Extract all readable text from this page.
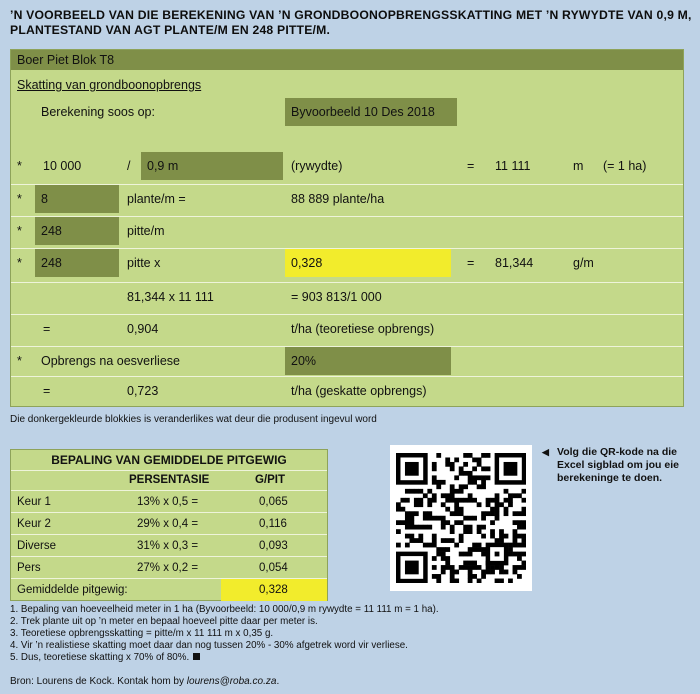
’N VOORBEELD VAN DIE BEREKENING VAN ’N GRONDBOONOPBRENGSSKATTING MET ’N RYWYDTE VAN 0,9 M,
PLANTESTAND VAN AGT PLANTE/M EN 248 PITTE/M.
Boer Piet Blok T8
Skatting van grondboonopbrengs
Berekening soos op:	Byvoorbeeld 10 Des 2018
* 10 000	/ 0,9 m	(rywydte)	= 11 111	m (= 1 ha)
* 8	plante/m =	88 889 plante/ha
* 248	pitte/m
* 248	pitte x	0,328	= 81,344	g/m
81,344 x 11 111	= 903 813/1 000
=	0,904	t/ha (teoretiese opbrengs)
* Opbrengs na oesverliese	20%
=	0,723	t/ha (geskatte opbrengs)
Die donkergekleurde blokkies is veranderlikes wat deur die produsent ingevul word
BEPALING VAN GEMIDDELDE PITGEWIG
PERSENTASIE	G/PIT
Keur 1	13% x 0,5 =	0,065
Keur 2	29% x 0,4 =	0,116
Diverse	31% x 0,3 =	0,093
Pers	27% x 0,2 =	0,054
Gemiddelde pitgewig:	0,328
◀ Volg die QR-kode na die Excel sigblad om jou eie berekeninge te doen.
1. Bepaling van hoeveelheid meter in 1 ha (Byvoorbeeld: 10 000/0,9 m rywydte = 11 111 m = 1 ha).
2. Trek plante uit op ’n meter en bepaal hoeveel pitte daar per meter is.
3. Teoretiese opbrengsskatting = pitte/m x 11 111 m x 0,35 g.
4. Vir ’n realistiese skatting moet daar dan nog tussen 20% - 30% afgetrek word vir verliese.
5. Dus, teoretiese skatting x 70% of 80%.
Bron: Lourens de Kock. Kontak hom by lourens@roba.co.za.
